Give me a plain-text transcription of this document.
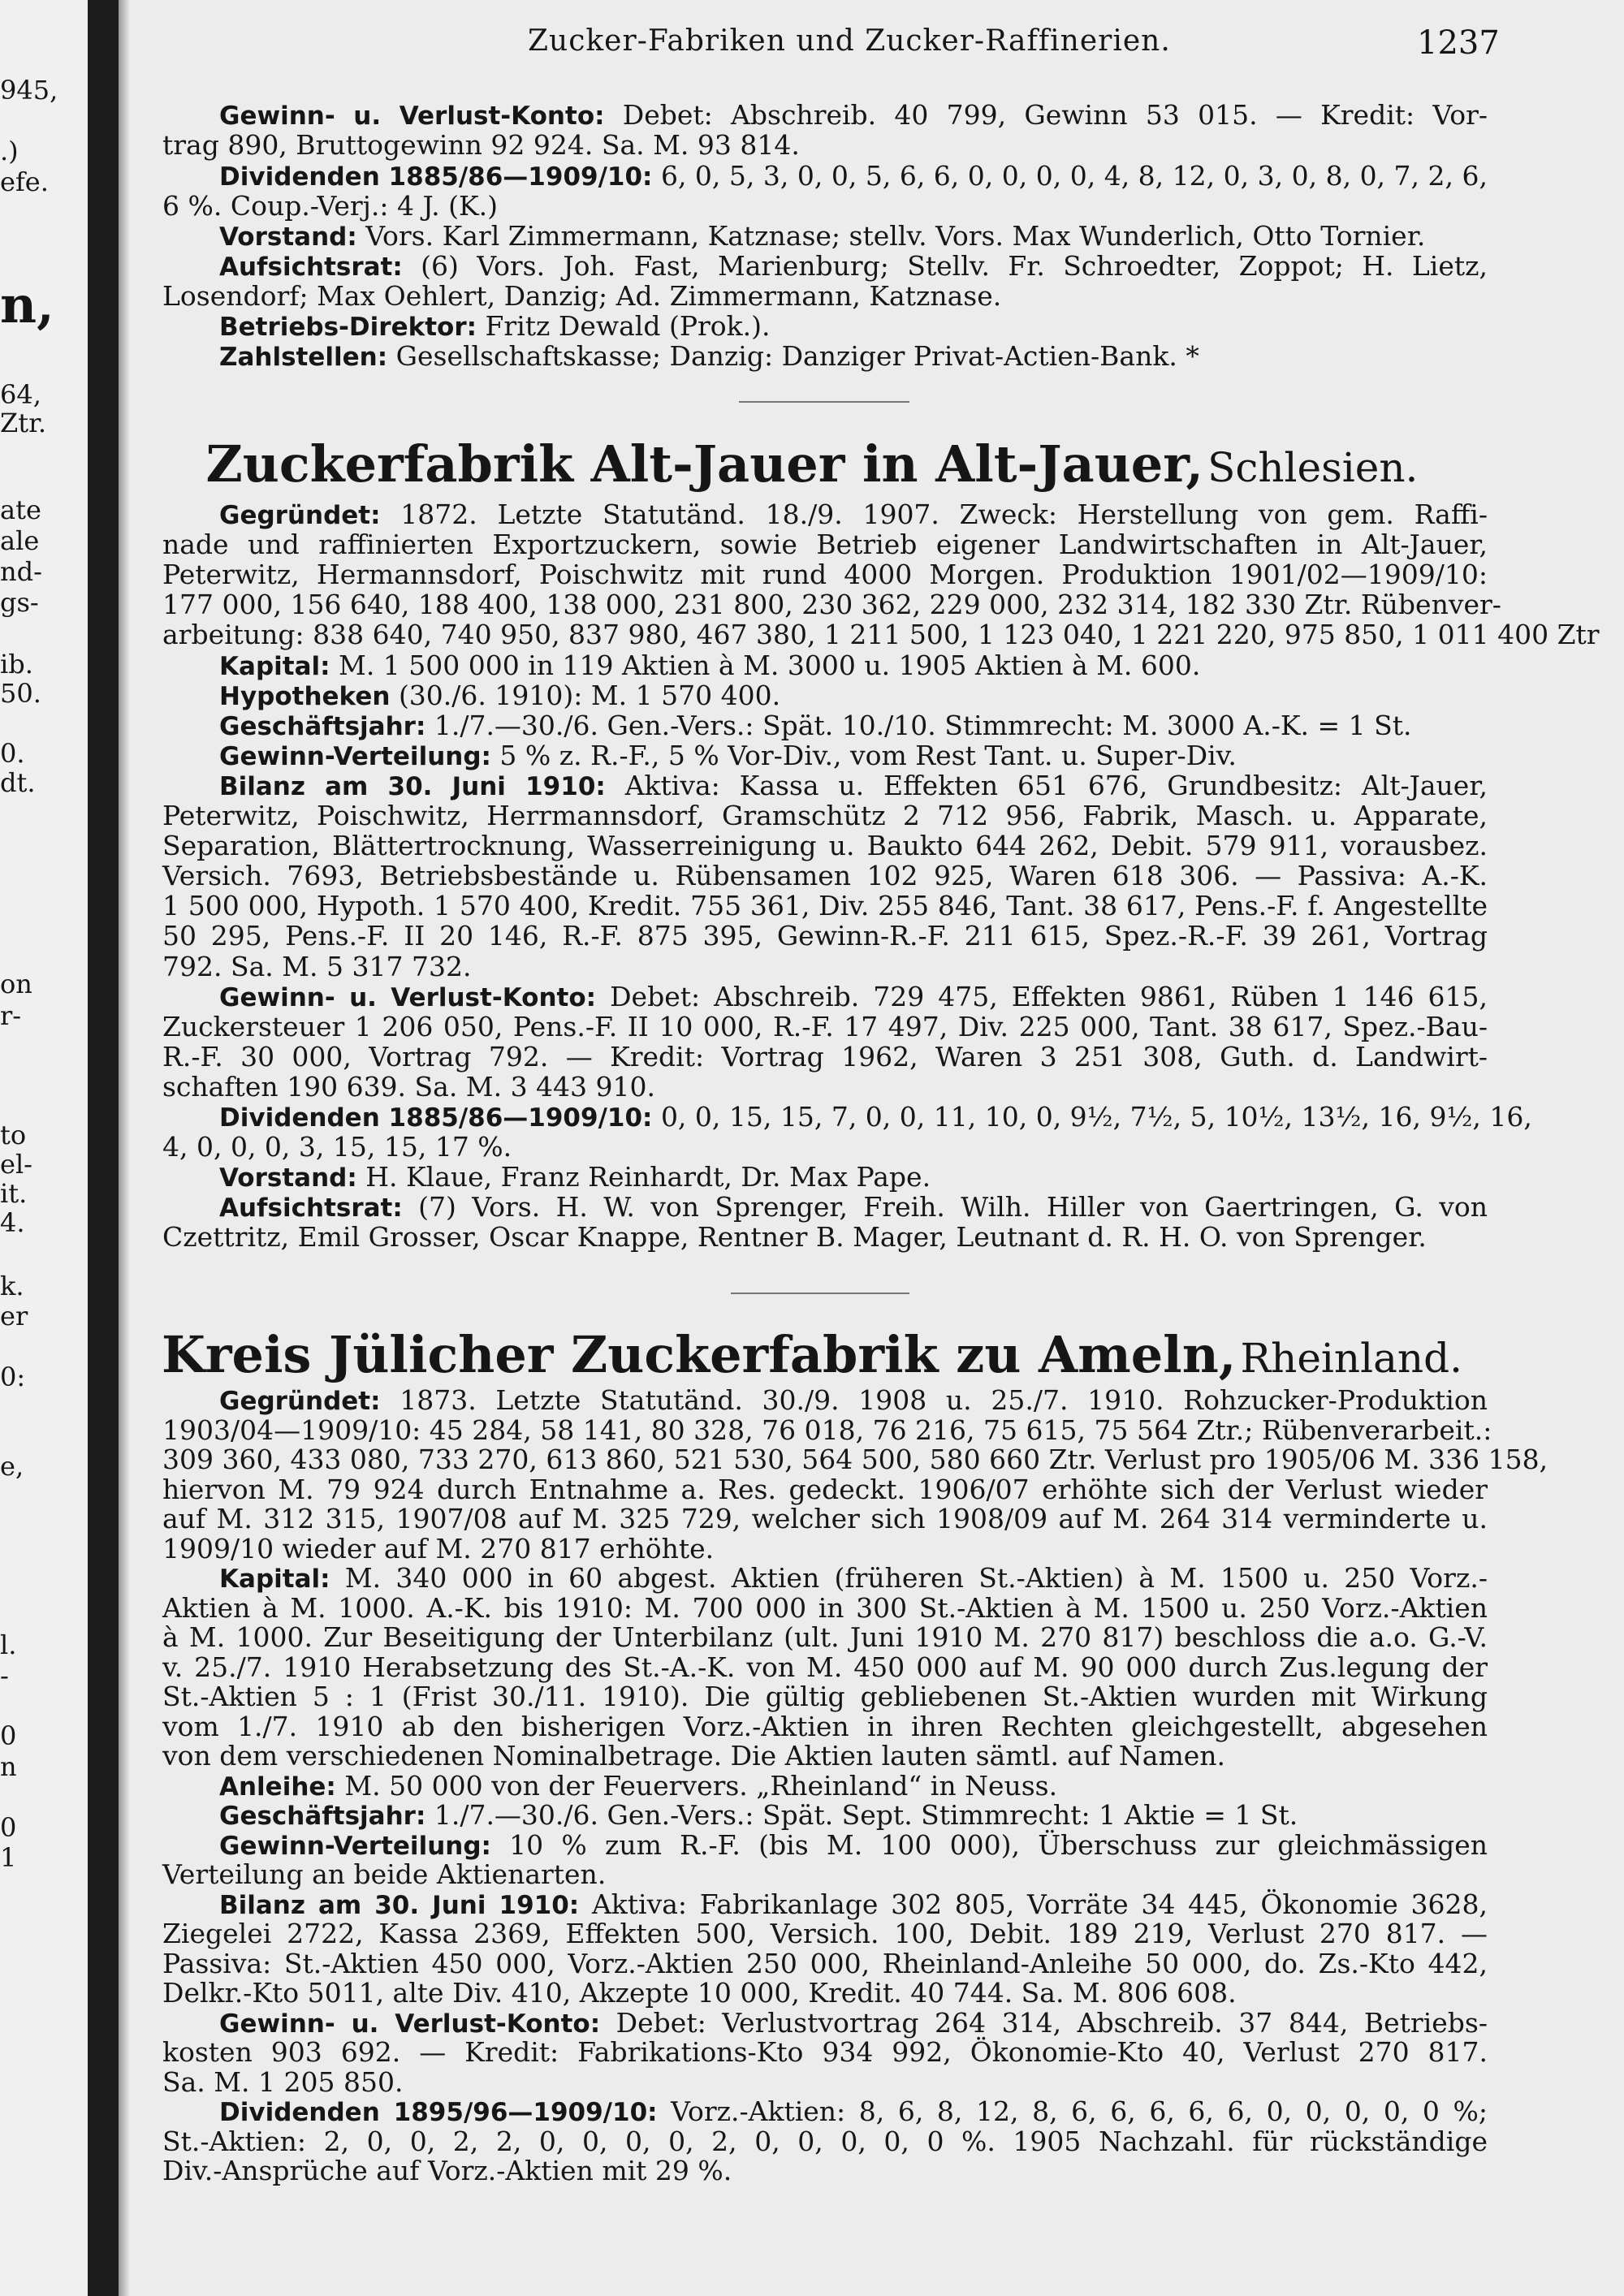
945,
.)
efe.
n,
64,
Ztr.
ate
ale
nd-
gs-
ib.
50.
0.
dt.
on
r-
to
el-
it.
4.
k.
er
0:
e,
l.
-
0
n
0
1
Zucker-Fabriken und Zucker-Raffinerien.	1237
Gewinn- u. Verlust-Konto: Debet: Abschreib. 40 799, Gewinn 53 015. — Kredit: Vor-
trag 890, Bruttogewinn 92 924. Sa. M. 93 814.
Dividenden 1885/86—1909/10: 6, 0, 5, 3, 0, 0, 5, 6, 6, 0, 0, 0, 0, 4, 8, 12, 0, 3, 0, 8, 0, 7, 2, 6,
6 %. Coup.-Verj.: 4 J. (K.)
Vorstand: Vors. Karl Zimmermann, Katznase; stellv. Vors. Max Wunderlich, Otto Tornier.
Aufsichtsrat: (6) Vors. Joh. Fast, Marienburg; Stellv. Fr. Schroedter, Zoppot; H. Lietz,
Losendorf; Max Oehlert, Danzig; Ad. Zimmermann, Katznase.
Betriebs-Direktor: Fritz Dewald (Prok.).
Zahlstellen: Gesellschaftskasse; Danzig: Danziger Privat-Actien-Bank. *
Zuckerfabrik Alt-Jauer in Alt-Jauer, Schlesien.
Gegründet: 1872. Letzte Statutänd. 18./9. 1907. Zweck: Herstellung von gem. Raffi-
nade und raffinierten Exportzuckern, sowie Betrieb eigener Landwirtschaften in Alt-Jauer,
Peterwitz, Hermannsdorf, Poischwitz mit rund 4000 Morgen. Produktion 1901/02—1909/10:
177 000, 156 640, 188 400, 138 000, 231 800, 230 362, 229 000, 232 314, 182 330 Ztr. Rübenver-
arbeitung: 838 640, 740 950, 837 980, 467 380, 1 211 500, 1 123 040, 1 221 220, 975 850, 1 011 400 Ztr
Kapital: M. 1 500 000 in 119 Aktien à M. 3000 u. 1905 Aktien à M. 600.
Hypotheken (30./6. 1910): M. 1 570 400.
Geschäftsjahr: 1./7.—30./6. Gen.-Vers.: Spät. 10./10. Stimmrecht: M. 3000 A.-K. = 1 St.
Gewinn-Verteilung: 5 % z. R.-F., 5 % Vor-Div., vom Rest Tant. u. Super-Div.
Bilanz am 30. Juni 1910: Aktiva: Kassa u. Effekten 651 676, Grundbesitz: Alt-Jauer,
Peterwitz, Poischwitz, Herrmannsdorf, Gramschütz 2 712 956, Fabrik, Masch. u. Apparate,
Separation, Blättertrocknung, Wasserreinigung u. Baukto 644 262, Debit. 579 911, vorausbez.
Versich. 7693, Betriebsbestände u. Rübensamen 102 925, Waren 618 306. — Passiva: A.-K.
1 500 000, Hypoth. 1 570 400, Kredit. 755 361, Div. 255 846, Tant. 38 617, Pens.-F. f. Angestellte
50 295, Pens.-F. II 20 146, R.-F. 875 395, Gewinn-R.-F. 211 615, Spez.-R.-F. 39 261, Vortrag
792. Sa. M. 5 317 732.
Gewinn- u. Verlust-Konto: Debet: Abschreib. 729 475, Effekten 9861, Rüben 1 146 615,
Zuckersteuer 1 206 050, Pens.-F. II 10 000, R.-F. 17 497, Div. 225 000, Tant. 38 617, Spez.-Bau-
R.-F. 30 000, Vortrag 792. — Kredit: Vortrag 1962, Waren 3 251 308, Guth. d. Landwirt-
schaften 190 639. Sa. M. 3 443 910.
Dividenden 1885/86—1909/10: 0, 0, 15, 15, 7, 0, 0, 11, 10, 0, 9½, 7½, 5, 10½, 13½, 16, 9½, 16,
4, 0, 0, 0, 3, 15, 15, 17 %.
Vorstand: H. Klaue, Franz Reinhardt, Dr. Max Pape.
Aufsichtsrat: (7) Vors. H. W. von Sprenger, Freih. Wilh. Hiller von Gaertringen, G. von
Czettritz, Emil Grosser, Oscar Knappe, Rentner B. Mager, Leutnant d. R. H. O. von Sprenger.
Kreis Jülicher Zuckerfabrik zu Ameln, Rheinland.
Gegründet: 1873. Letzte Statutänd. 30./9. 1908 u. 25./7. 1910. Rohzucker-Produktion
1903/04—1909/10: 45 284, 58 141, 80 328, 76 018, 76 216, 75 615, 75 564 Ztr.; Rübenverarbeit.:
309 360, 433 080, 733 270, 613 860, 521 530, 564 500, 580 660 Ztr. Verlust pro 1905/06 M. 336 158,
hiervon M. 79 924 durch Entnahme a. Res. gedeckt. 1906/07 erhöhte sich der Verlust wieder
auf M. 312 315, 1907/08 auf M. 325 729, welcher sich 1908/09 auf M. 264 314 verminderte u.
1909/10 wieder auf M. 270 817 erhöhte.
Kapital: M. 340 000 in 60 abgest. Aktien (früheren St.-Aktien) à M. 1500 u. 250 Vorz.-
Aktien à M. 1000. A.-K. bis 1910: M. 700 000 in 300 St.-Aktien à M. 1500 u. 250 Vorz.-Aktien
à M. 1000. Zur Beseitigung der Unterbilanz (ult. Juni 1910 M. 270 817) beschloss die a.o. G.-V.
v. 25./7. 1910 Herabsetzung des St.-A.-K. von M. 450 000 auf M. 90 000 durch Zus.legung der
St.-Aktien 5 : 1 (Frist 30./11. 1910). Die gültig gebliebenen St.-Aktien wurden mit Wirkung
vom 1./7. 1910 ab den bisherigen Vorz.-Aktien in ihren Rechten gleichgestellt, abgesehen
von dem verschiedenen Nominalbetrage. Die Aktien lauten sämtl. auf Namen.
Anleihe: M. 50 000 von der Feuervers. „Rheinland“ in Neuss.
Geschäftsjahr: 1./7.—30./6. Gen.-Vers.: Spät. Sept. Stimmrecht: 1 Aktie = 1 St.
Gewinn-Verteilung: 10 % zum R.-F. (bis M. 100 000), Überschuss zur gleichmässigen
Verteilung an beide Aktienarten.
Bilanz am 30. Juni 1910: Aktiva: Fabrikanlage 302 805, Vorräte 34 445, Ökonomie 3628,
Ziegelei 2722, Kassa 2369, Effekten 500, Versich. 100, Debit. 189 219, Verlust 270 817. —
Passiva: St.-Aktien 450 000, Vorz.-Aktien 250 000, Rheinland-Anleihe 50 000, do. Zs.-Kto 442,
Delkr.-Kto 5011, alte Div. 410, Akzepte 10 000, Kredit. 40 744. Sa. M. 806 608.
Gewinn- u. Verlust-Konto: Debet: Verlustvortrag 264 314, Abschreib. 37 844, Betriebs-
kosten 903 692. — Kredit: Fabrikations-Kto 934 992, Ökonomie-Kto 40, Verlust 270 817.
Sa. M. 1 205 850.
Dividenden 1895/96—1909/10: Vorz.-Aktien: 8, 6, 8, 12, 8, 6, 6, 6, 6, 6, 0, 0, 0, 0, 0 %;
St.-Aktien: 2, 0, 0, 2, 2, 0, 0, 0, 0, 2, 0, 0, 0, 0, 0 %. 1905 Nachzahl. für rückständige
Div.-Ansprüche auf Vorz.-Aktien mit 29 %.
